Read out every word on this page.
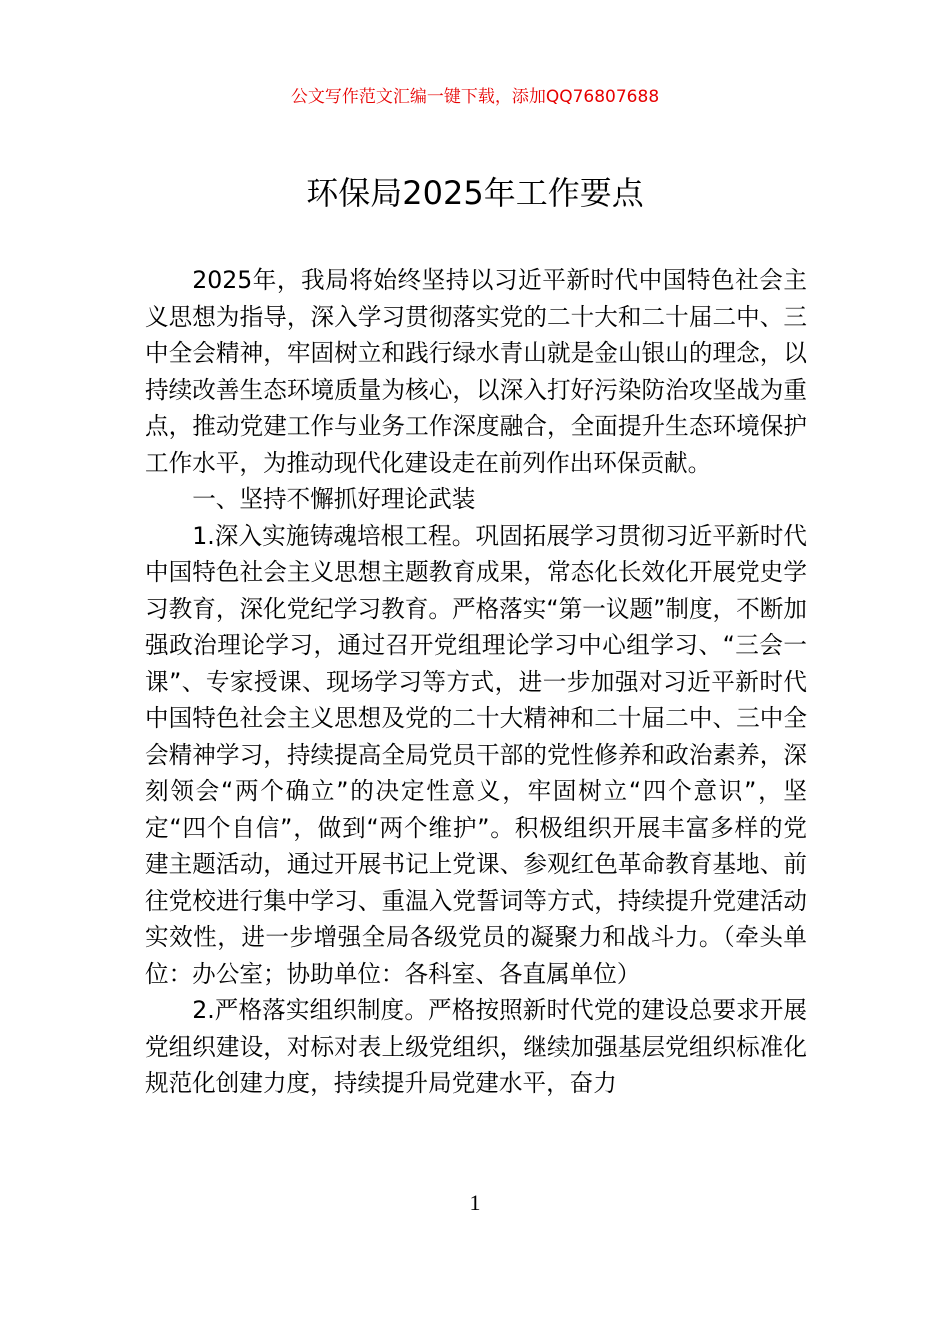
公文写作范文汇编一键下载，添加QQ76807688
环保局2025年工作要点

2025年，我局将始终坚持以习近平新时代中国特色社会主义思想为指导，深入学习贯彻落实党的二十大和二十届二中、三中全会精神，牢固树立和践行绿水青山就是金山银山的理念，以持续改善生态环境质量为核心，以深入打好污染防治攻坚战为重点，推动党建工作与业务工作深度融合，全面提升生态环境保护工作水平，为推动现代化建设走在前列作出环保贡献。

一、坚持不懈抓好理论武装

1.深入实施铸魂培根工程。巩固拓展学习贯彻习近平新时代中国特色社会主义思想主题教育成果，常态化长效化开展党史学习教育，深化党纪学习教育。严格落实“第一议题”制度，不断加强政治理论学习，通过召开党组理论学习中心组学习、“三会一课”、专家授课、现场学习等方式，进一步加强对习近平新时代中国特色社会主义思想及党的二十大精神和二十届二中、三中全会精神学习，持续提高全局党员干部的党性修养和政治素养，深刻领会“两个确立”的决定性意义，牢固树立“四个意识”，坚定“四个自信”，做到“两个维护”。积极组织开展丰富多样的党建主题活动，通过开展书记上党课、参观红色革命教育基地、前往党校进行集中学习、重温入党誓词等方式，持续提升党建活动实效性，进一步增强全局各级党员的凝聚力和战斗力。（牵头单位：办公室；协助单位：各科室、各直属单位）

2.严格落实组织制度。严格按照新时代党的建设总要求开展党组织建设，对标对表上级党组织，继续加强基层党组织标准化规范化创建力度，持续提升局党建水平，奋力

1
